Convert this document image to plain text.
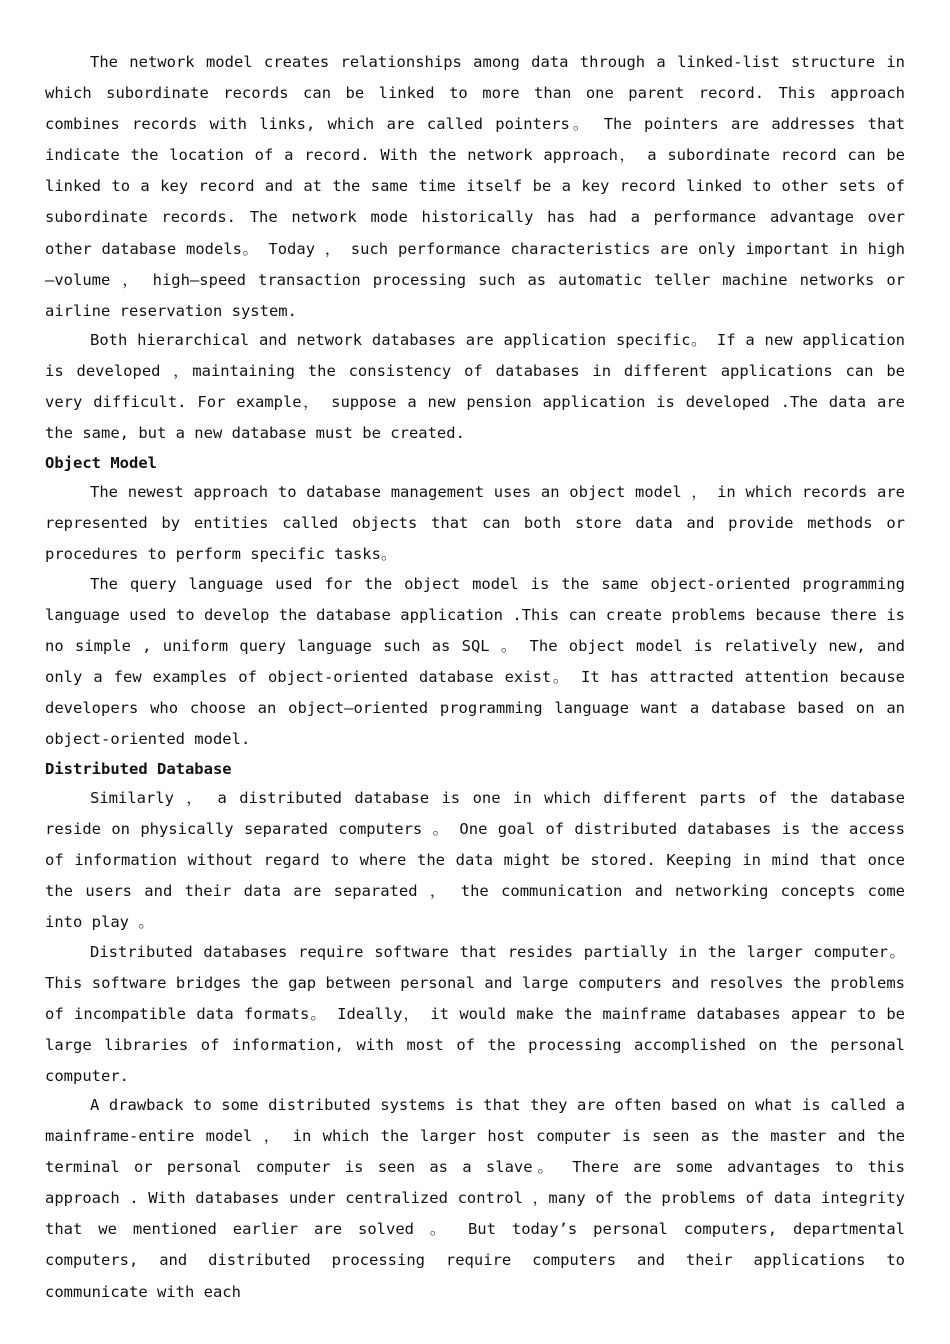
The network model creates relationships among data through a linked-list structure in which subordinate records can be linked to more than one parent record. This approach combines records with links, which are called pointers。 The pointers are addresses that indicate the location of a record. With the network approach， a subordinate record can be linked to a key record and at the same time itself be a key record linked to other sets of subordinate records. The network mode historically has had a performance advantage over other database models。 Today ， such performance characteristics are only important in high—volume ， high—speed transaction processing such as automatic teller machine networks or airline reservation system.

Both hierarchical and network databases are application specific。 If a new application is developed ，maintaining the consistency of databases in different applications can be very difficult. For example， suppose a new pension application is developed .The data are the same, but a new database must be created.

Object Model

The newest approach to database management uses an object model ， in which records are represented by entities called objects that can both store data and provide methods or procedures to perform specific tasks。

The query language used for the object model is the same object-oriented programming language used to develop the database application .This can create problems because there is no simple , uniform query language such as SQL 。 The object model is relatively new, and only a few examples of object-oriented database exist。 It has attracted attention because developers who choose an object—oriented programming language want a database based on an object-oriented model.

Distributed Database

Similarly ， a distributed database is one in which different parts of the database reside on physically separated computers 。 One goal of distributed databases is the access of information without regard to where the data might be stored. Keeping in mind that once the users and their data are separated ， the communication and networking concepts come into play 。

Distributed databases require software that resides partially in the larger computer。 This software bridges the gap between personal and large computers and resolves the problems of incompatible data formats。 Ideally， it would make the mainframe databases appear to be large libraries of information, with most of the processing accomplished on the personal computer.

A drawback to some distributed systems is that they are often based on what is called a mainframe-entire model ， in which the larger host computer is seen as the master and the terminal or personal computer is seen as a slave。 There are some advantages to this approach . With databases under centralized control ，many of the problems of data integrity that we mentioned earlier are solved 。 But today’s personal computers, departmental computers, and distributed processing require computers and their applications to communicate with each
